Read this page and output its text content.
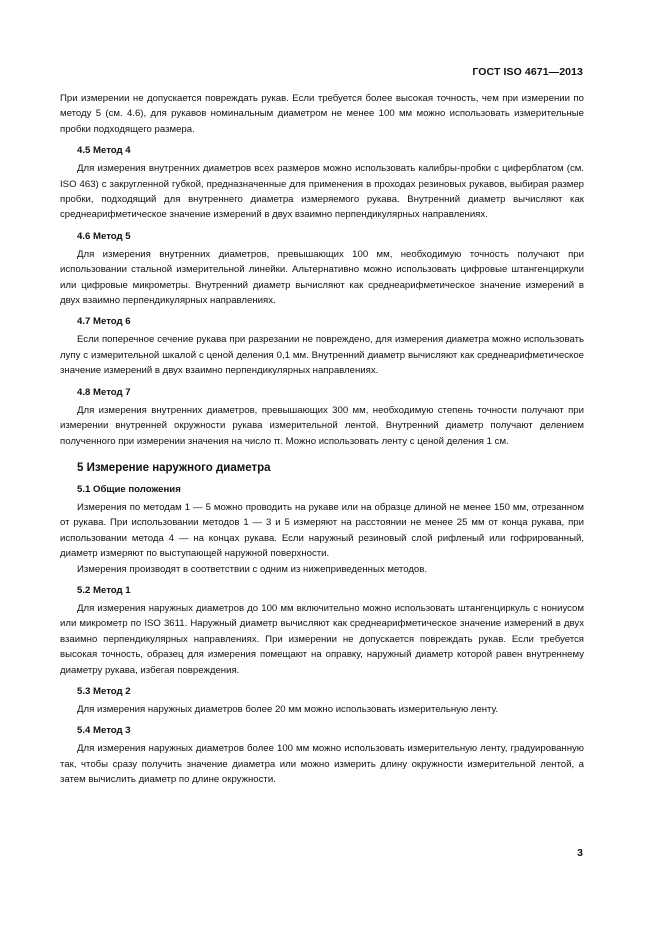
ГОСТ ISO 4671—2013

При измерении не допускается повреждать рукав. Если требуется более высокая точность, чем при измерении по методу 5 (см. 4.6), для рукавов номинальным диаметром не менее 100 мм можно использовать измерительные пробки подходящего размера.

4.5 Метод 4

Для измерения внутренних диаметров всех размеров можно использовать калибры-пробки с циферблатом (см. ISO 463) с закругленной губкой, предназначенные для применения в проходах резиновых рукавов, выбирая размер пробки, подходящий для внутреннего диаметра измеряемого рукава. Внутренний диаметр вычисляют как среднеарифметическое значение измерений в двух взаимно перпендикулярных направлениях.

4.6 Метод 5

Для измерения внутренних диаметров, превышающих 100 мм, необходимую точность получают при использовании стальной измерительной линейки. Альтернативно можно использовать цифровые штангенциркули или цифровые микрометры. Внутренний диаметр вычисляют как среднеарифметическое значение измерений в двух взаимно перпендикулярных направлениях.

4.7 Метод 6

Если поперечное сечение рукава при разрезании не повреждено, для измерения диаметра можно использовать лупу с измерительной шкалой с ценой деления 0,1 мм. Внутренний диаметр вычисляют как среднеарифметическое значение измерений в двух взаимно перпендикулярных направлениях.

4.8 Метод 7

Для измерения внутренних диаметров, превышающих 300 мм, необходимую степень точности получают при измерении внутренней окружности рукава измерительной лентой. Внутренний диаметр получают делением полученного при измерении значения на число π. Можно использовать ленту с ценой деления 1 см.

5 Измерение наружного диаметра
5.1 Общие положения

Измерения по методам 1 — 5 можно проводить на рукаве или на образце длиной не менее 150 мм, отрезанном от рукава. При использовании методов 1 — 3 и 5 измеряют на расстоянии не менее 25 мм от конца рукава, при использовании метода 4 — на концах рукава. Если наружный резиновый слой рифленый или гофрированный, диаметр измеряют по выступающей наружной поверхности.

Измерения производят в соответствии с одним из нижеприведенных методов.

5.2 Метод 1

Для измерения наружных диаметров до 100 мм включительно можно использовать штангенциркуль с нониусом или микрометр по ISO 3611. Наружный диаметр вычисляют как среднеарифметическое значение измерений в двух взаимно перпендикулярных направлениях. При измерении не допускается повреждать рукав. Если требуется высокая точность, образец для измерения помещают на оправку, наружный диаметр которой равен внутреннему диаметру рукава, избегая повреждения.

5.3 Метод 2

Для измерения наружных диаметров более 20 мм можно использовать измерительную ленту.

5.4 Метод 3

Для измерения наружных диаметров более 100 мм можно использовать измерительную ленту, градуированную так, чтобы сразу получить значение диаметра или можно измерить длину окружности измерительной лентой, а затем вычислить диаметр по длине окружности.

3
